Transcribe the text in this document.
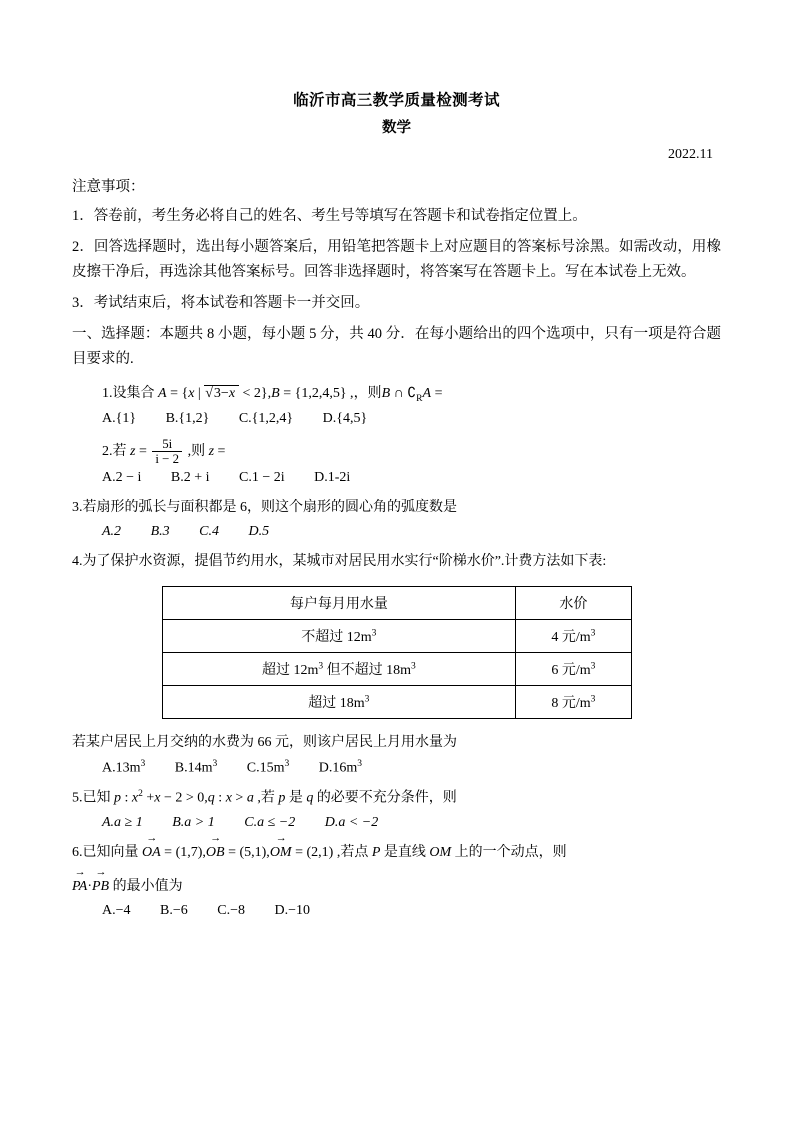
临沂市高三教学质量检测考试
数学
2022.11
注意事项：

1．答卷前，考生务必将自己的姓名、考生号等填写在答题卡和试卷指定位置上。

2．回答选择题时，选出每小题答案后，用铅笔把答题卡上对应题目的答案标号涂黑。如需改动，用橡皮擦干净后，再选涂其他答案标号。回答非选择题时，将答案写在答题卡上。写在本试卷上无效。

3．考试结束后，将本试卷和答题卡一并交回。

一、选择题：本题共 8 小题，每小题 5 分，共 40 分．在每小题给出的四个选项中，只有一项是符合题目要求的.

1.设集合 A = {x | √3−x < 2},B = {1,2,4,5} ,，则B ∩ $∁_RA$ =
A.{1} B.{1,2} C.{1,2,4} D.{4,5}
2.若 $z = \frac{5i}{i - 2}$ ,则 z =
A.2 − i B.2 + i C.1 − 2i D.1-2i
3.若扇形的弧长与面积都是 6，则这个扇形的圆心角的弧度数是
A.2 B.3 C.4 D.5
4.为了保护水资源，提倡节约用水，某城市对居民用水实行“阶梯水价”.计费方法如下表:
每户每月用水量	水价
不超过 $12m^3$	4 元$/m^3$
超过 $12m^3$ 但不超过 $18m^3$	6 元$/m^3$
超过 $18m^3$	8 元$/m^3$
若某户居民上月交纳的水费为 66 元，则该户居民上月用水量为
$A.13m^3$ $B.14m^3$ $C.15m^3$ $D.16m^3$
5.已知 p : $x^2 +x - 2 > 0,q$ : x > a ,若 p 是 q 的必要不充分条件，则
A.a ≥ 1 B.a > 1 C.a ≤ −2 D.a < −2
6.已知向量 → OA = (1,7),→ OB = (5,1),→ OM = (2,1) ,若点 P 是直线 OM 上的一个动点，则
→ PA·→ PB 的最小值为
A.−4 B.−6 C.−8 D.−10
